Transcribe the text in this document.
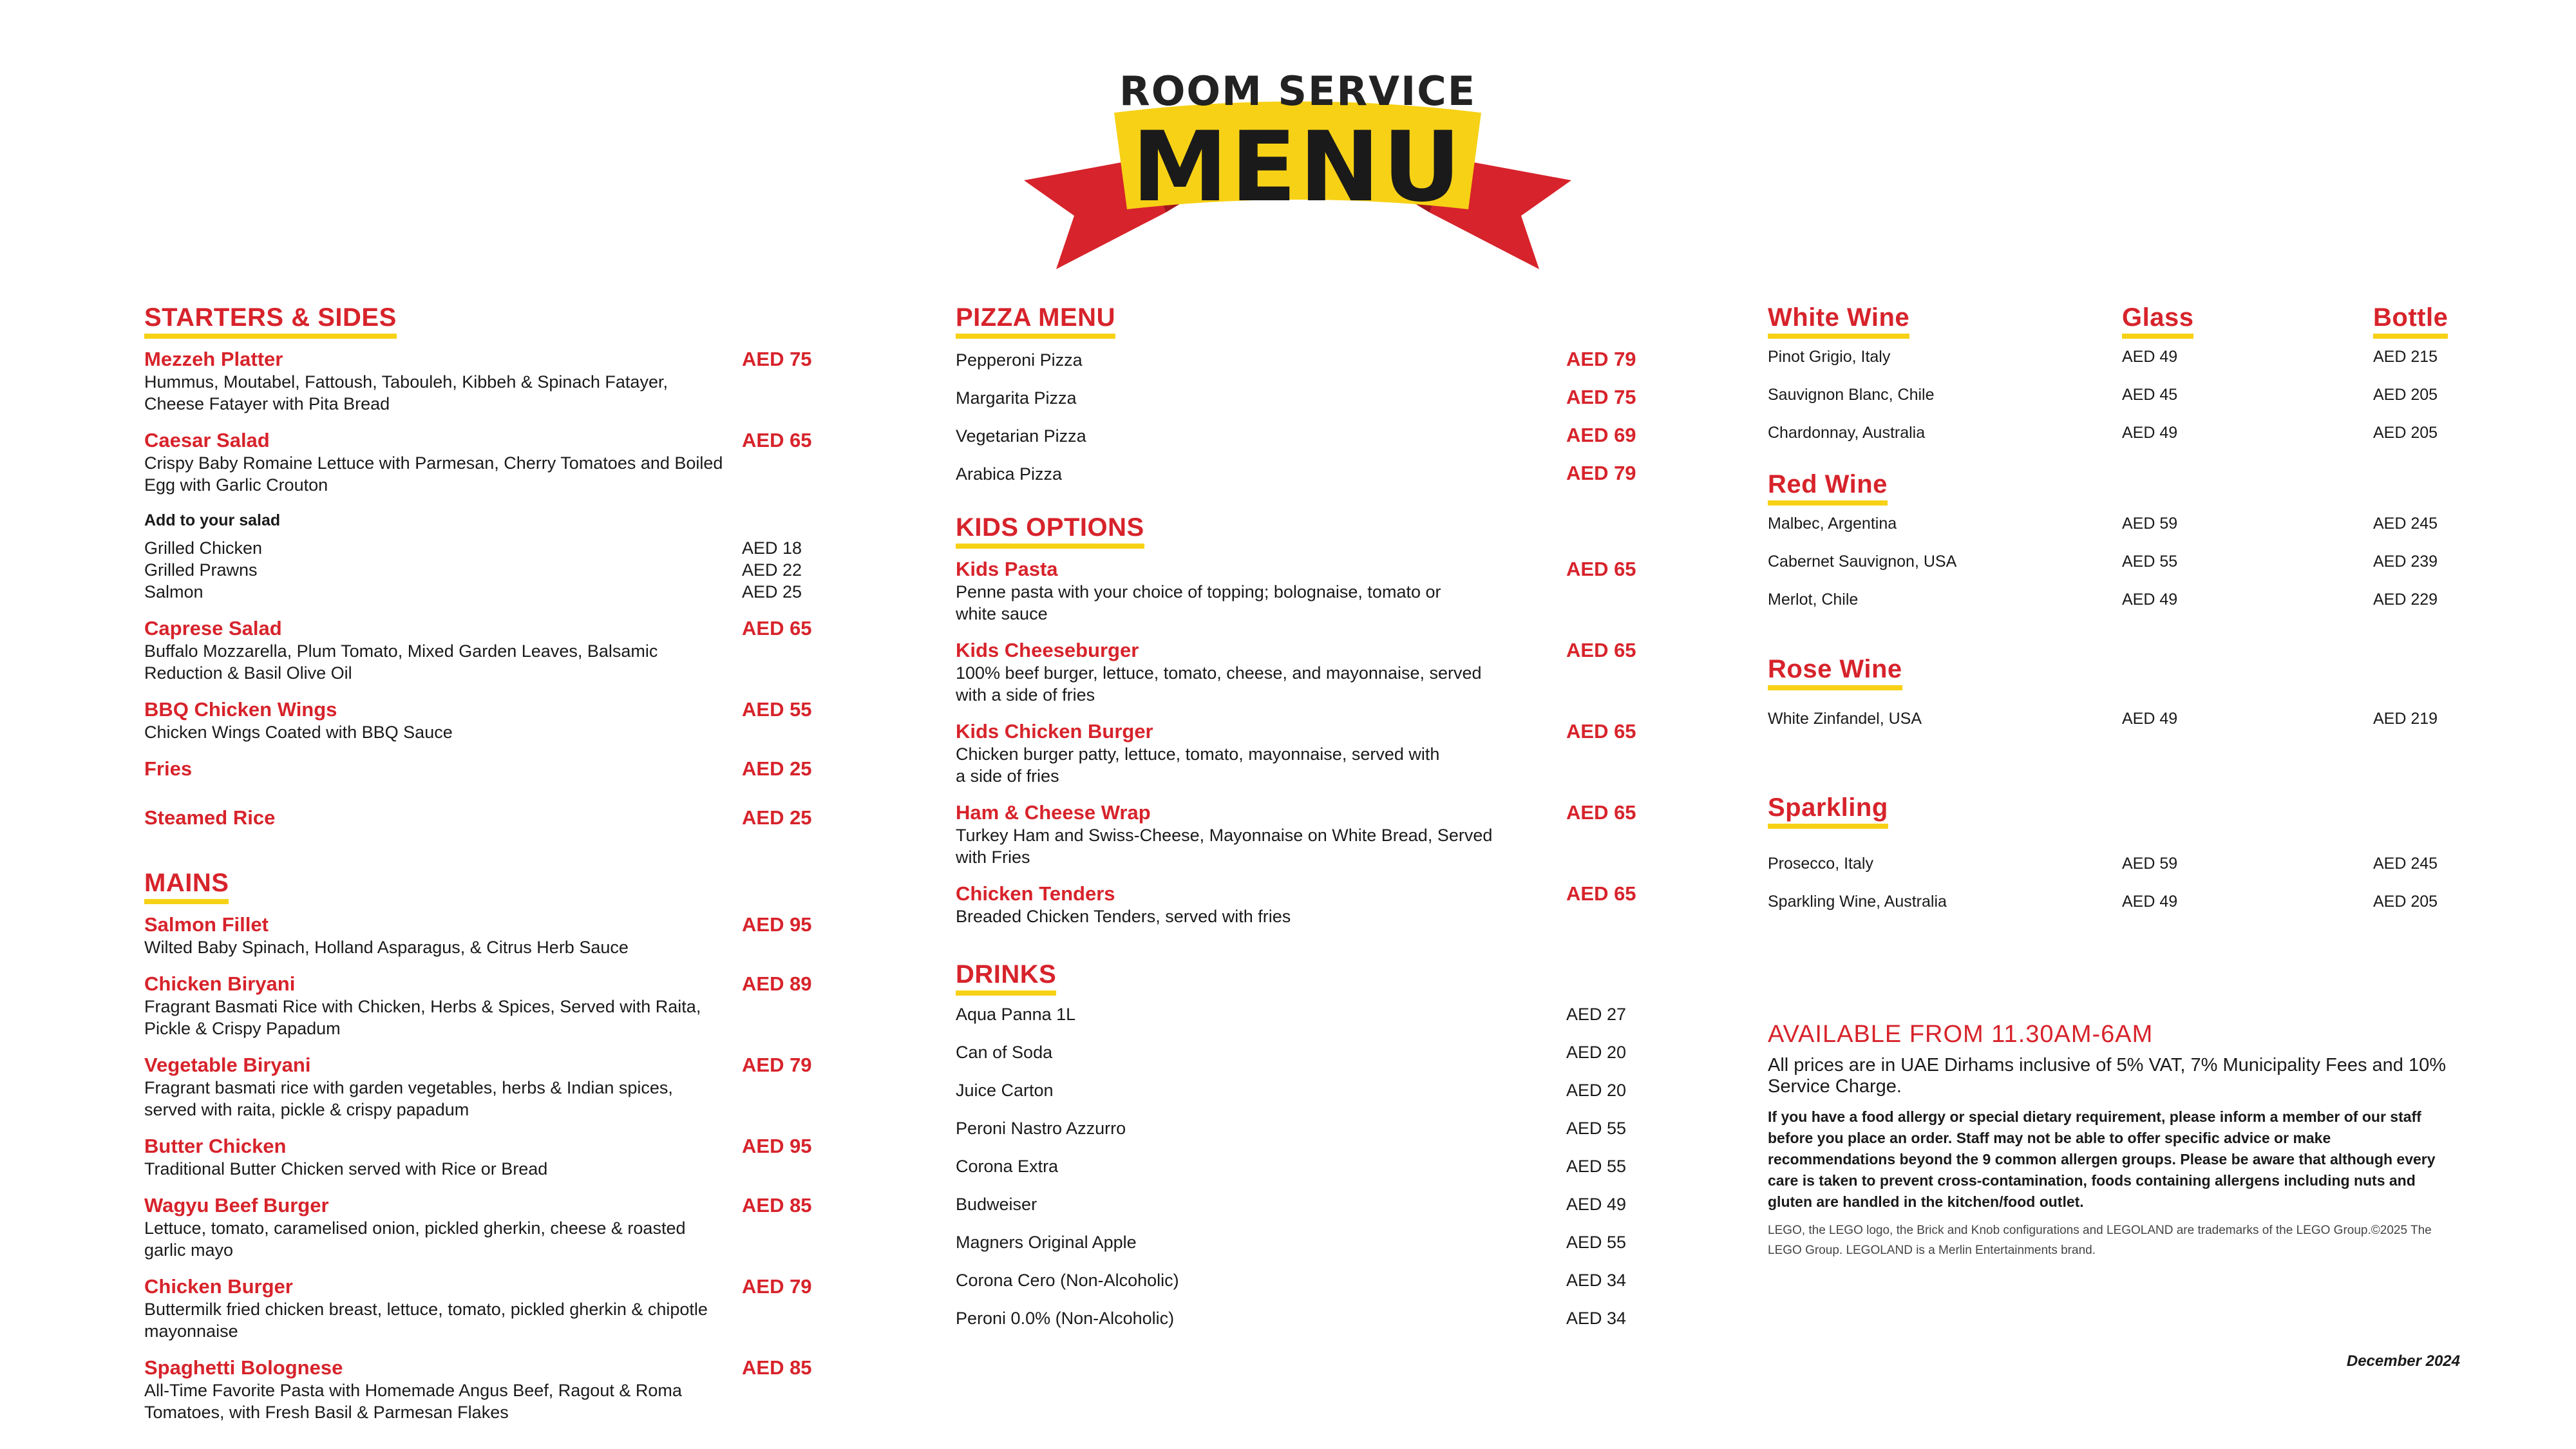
ROOM SERVICE
MENU
STARTERS & SIDES
Mezzeh Platter	AED 75
Hummus, Moutabel, Fattoush, Tabouleh, Kibbeh & Spinach Fatayer, Cheese Fatayer with Pita Bread
Caesar Salad	AED 65
Crispy Baby Romaine Lettuce with Parmesan, Cherry Tomatoes and Boiled Egg with Garlic Crouton
Add to your salad
Grilled Chicken	AED 18
Grilled Prawns	AED 22
Salmon	AED 25
Caprese Salad	AED 65
Buffalo Mozzarella, Plum Tomato, Mixed Garden Leaves, Balsamic Reduction & Basil Olive Oil
BBQ Chicken Wings	AED 55
Chicken Wings Coated with BBQ Sauce
Fries	AED 25
Steamed Rice	AED 25
MAINS
Salmon Fillet	AED 95
Wilted Baby Spinach, Holland Asparagus, & Citrus Herb Sauce
Chicken Biryani	AED 89
Fragrant Basmati Rice with Chicken, Herbs & Spices, Served with Raita, Pickle & Crispy Papadum
Vegetable Biryani	AED 79
Fragrant basmati rice with garden vegetables, herbs & Indian spices, served with raita, pickle & crispy papadum
Butter Chicken	AED 95
Traditional Butter Chicken served with Rice or Bread
Wagyu Beef Burger	AED 85
Lettuce, tomato, caramelised onion, pickled gherkin, cheese & roasted garlic mayo
Chicken Burger	AED 79
Buttermilk fried chicken breast, lettuce, tomato, pickled gherkin & chipotle mayonnaise
Spaghetti Bolognese	AED 85
All-Time Favorite Pasta with Homemade Angus Beef, Ragout & Roma Tomatoes, with Fresh Basil & Parmesan Flakes
PIZZA MENU
Pepperoni Pizza	AED 79
Margarita Pizza	AED 75
Vegetarian Pizza	AED 69
Arabica Pizza	AED 79
KIDS OPTIONS
Kids Pasta	AED 65
Penne pasta with your choice of topping; bolognaise, tomato or white sauce
Kids Cheeseburger	AED 65
100% beef burger, lettuce, tomato, cheese, and mayonnaise, served with a side of fries
Kids Chicken Burger	AED 65
Chicken burger patty, lettuce, tomato, mayonnaise, served with a side of fries
Ham & Cheese Wrap	AED 65
Turkey Ham and Swiss-Cheese, Mayonnaise on White Bread, Served with Fries
Chicken Tenders	AED 65
Breaded Chicken Tenders, served with fries
DRINKS
Aqua Panna 1L	AED 27
Can of Soda	AED 20
Juice Carton	AED 20
Peroni Nastro Azzurro	AED 55
Corona Extra	AED 55
Budweiser	AED 49
Magners Original Apple	AED 55
Corona Cero (Non-Alcoholic)	AED 34
Peroni 0.0% (Non-Alcoholic)	AED 34
White Wine	Glass	Bottle
Pinot Grigio, Italy	AED 49	AED 215
Sauvignon Blanc, Chile	AED 45	AED 205
Chardonnay, Australia	AED 49	AED 205
Red Wine
Malbec, Argentina	AED 59	AED 245
Cabernet Sauvignon, USA	AED 55	AED 239
Merlot, Chile	AED 49	AED 229
Rose Wine
White Zinfandel, USA	AED 49	AED 219
Sparkling
Prosecco, Italy	AED 59	AED 245
Sparkling Wine, Australia	AED 49	AED 205
AVAILABLE FROM 11.30AM-6AM

All prices are in UAE Dirhams inclusive of 5% VAT, 7% Municipality Fees and 10% Service Charge.

If you have a food allergy or special dietary requirement, please inform a member of our staff before you place an order. Staff may not be able to offer specific advice or make recommendations beyond the 9 common allergen groups. Please be aware that although every care is taken to prevent cross-contamination, foods containing allergens including nuts and gluten are handled in the kitchen/food outlet.

LEGO, the LEGO logo, the Brick and Knob configurations and LEGOLAND are trademarks of the LEGO Group.©2025 The LEGO Group. LEGOLAND is a Merlin Entertainments brand.

December 2024
